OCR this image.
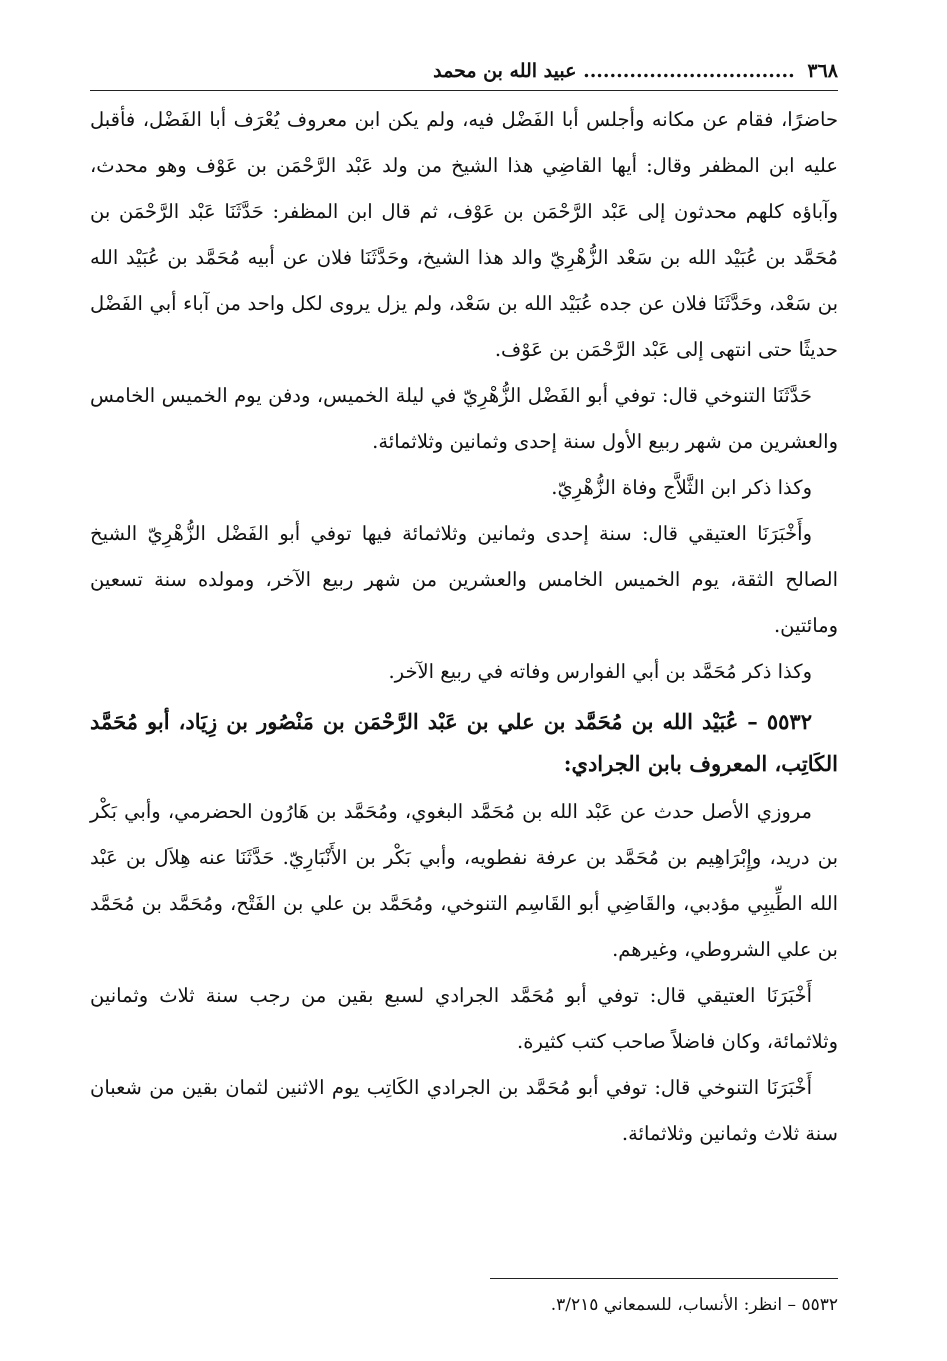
٣٦٨ ................................ عبيد الله بن محمد

حاضرًا، فقام عن مكانه وأجلس أبا الفَضْل فيه، ولم يكن ابن معروف يُعْرَف أبا الفَضْل، فأقبل عليه ابن المظفر وقال: أيها القاضِي هذا الشيخ من ولد عَبْد الرَّحْمَن بن عَوْف وهو محدث، وآباؤه كلهم محدثون إلى عَبْد الرَّحْمَن بن عَوْف، ثم قال ابن المظفر: حَدَّثَنَا عَبْد الرَّحْمَن بن مُحَمَّد بن عُبَيْد الله بن سَعْد الزُّهْرِيّ والد هذا الشيخ، وحَدَّثَنَا فلان عن أبيه مُحَمَّد بن عُبَيْد الله بن سَعْد، وحَدَّثَنَا فلان عن جده عُبَيْد الله بن سَعْد، ولم يزل يروى لكل واحد من آباء أبي الفَضْل حديثًا حتى انتهى إلى عَبْد الرَّحْمَن بن عَوْف.

حَدَّثَنَا التنوخي قال: توفي أبو الفَضْل الزُّهْرِيّ في ليلة الخميس، ودفن يوم الخميس الخامس والعشرين من شهر ربيع الأول سنة إحدى وثمانين وثلاثمائة.

وكذا ذكر ابن الثَّلاَّج وفاة الزُّهْرِيّ.

وأَخْبَرَنَا العتيقي قال: سنة إحدى وثمانين وثلاثمائة فيها توفي أبو الفَضْل الزُّهْرِيّ الشيخ الصالح الثقة، يوم الخميس الخامس والعشرين من شهر ربيع الآخر، ومولده سنة تسعين ومائتين.

وكذا ذكر مُحَمَّد بن أبي الفوارس وفاته في ربيع الآخر.

٥٥٣٢ – عُبَيْد الله بن مُحَمَّد بن علي بن عَبْد الرَّحْمَن بن مَنْصُور بن زِيَاد، أبو مُحَمَّد الكَاتِب، المعروف بابن الجرادي:

مروزي الأصل حدث عن عَبْد الله بن مُحَمَّد البغوي، ومُحَمَّد بن هَارُون الحضرمي، وأبي بَكْر بن دريد، وإِبْرَاهِيم بن مُحَمَّد بن عرفة نفطويه، وأبي بَكْر بن الأَنْبَارِيّ. حَدَّثَنَا عنه هِلاَل بن عَبْد الله الطِّيبِي مؤدبي، والقَاضِي أبو القَاسِم التنوخي، ومُحَمَّد بن علي بن الفَتْح، ومُحَمَّد بن مُحَمَّد بن علي الشروطي، وغيرهم.

أَخْبَرَنَا العتيقي قال: توفي أبو مُحَمَّد الجرادي لسبع بقين من رجب سنة ثلاث وثمانين وثلاثمائة، وكان فاضلاً صاحب كتب كثيرة.

أَخْبَرَنَا التنوخي قال: توفي أبو مُحَمَّد بن الجرادي الكَاتِب يوم الاثنين لثمان بقين من شعبان سنة ثلاث وثمانين وثلاثمائة.

٥٥٣٢ – انظر: الأنساب، للسمعاني ٣/٢١٥.
